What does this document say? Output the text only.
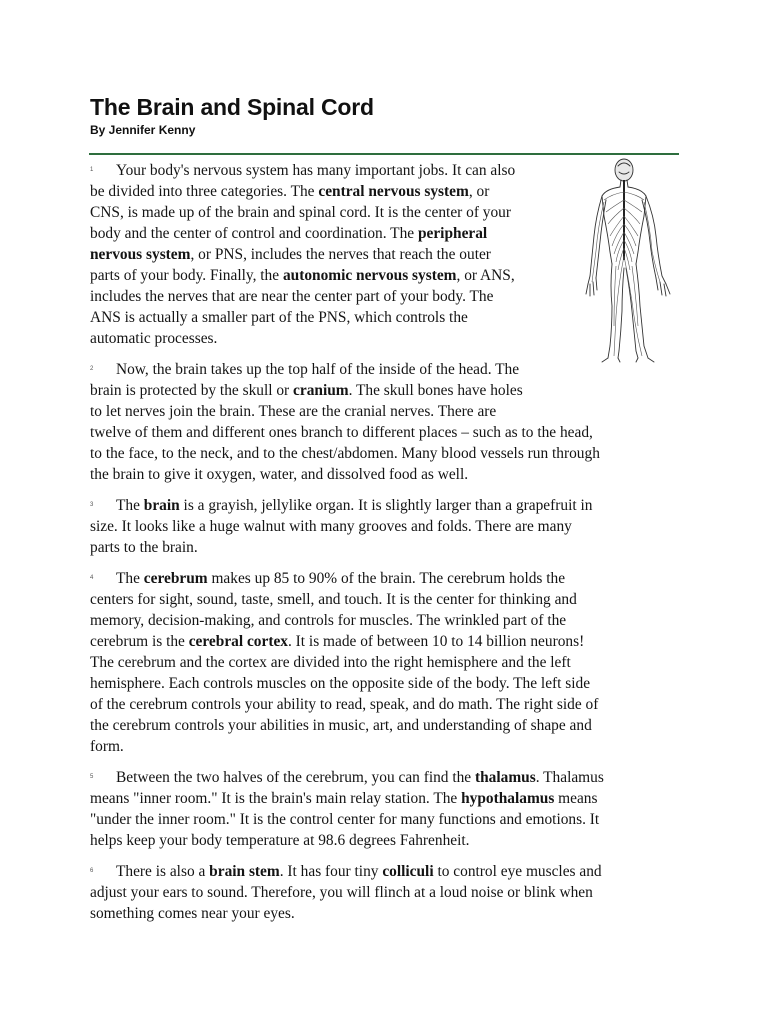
The Brain and Spinal Cord
By Jennifer Kenny
1 Your body's nervous system has many important jobs. It can also
be divided into three categories. The central nervous system, or
CNS, is made up of the brain and spinal cord. It is the center of your
body and the center of control and coordination. The peripheral
nervous system, or PNS, includes the nerves that reach the outer
parts of your body. Finally, the autonomic nervous system, or ANS,
includes the nerves that are near the center part of your body. The
ANS is actually a smaller part of the PNS, which controls the
automatic processes.
2 Now, the brain takes up the top half of the inside of the head. The
brain is protected by the skull or cranium. The skull bones have holes
to let nerves join the brain. These are the cranial nerves. There are
twelve of them and different ones branch to different places – such as to the head,
to the face, to the neck, and to the chest/abdomen. Many blood vessels run through
the brain to give it oxygen, water, and dissolved food as well.
3 The brain is a grayish, jellylike organ. It is slightly larger than a grapefruit in
size. It looks like a huge walnut with many grooves and folds. There are many
parts to the brain.
4 The cerebrum makes up 85 to 90% of the brain. The cerebrum holds the
centers for sight, sound, taste, smell, and touch. It is the center for thinking and
memory, decision-making, and controls for muscles. The wrinkled part of the
cerebrum is the cerebral cortex. It is made of between 10 to 14 billion neurons!
The cerebrum and the cortex are divided into the right hemisphere and the left
hemisphere. Each controls muscles on the opposite side of the body. The left side
of the cerebrum controls your ability to read, speak, and do math. The right side of
the cerebrum controls your abilities in music, art, and understanding of shape and
form.
5 Between the two halves of the cerebrum, you can find the thalamus. Thalamus
means "inner room." It is the brain's main relay station. The hypothalamus means
"under the inner room." It is the control center for many functions and emotions. It
helps keep your body temperature at 98.6 degrees Fahrenheit.
6 There is also a brain stem. It has four tiny colliculi to control eye muscles and
adjust your ears to sound. Therefore, you will flinch at a loud noise or blink when
something comes near your eyes.
